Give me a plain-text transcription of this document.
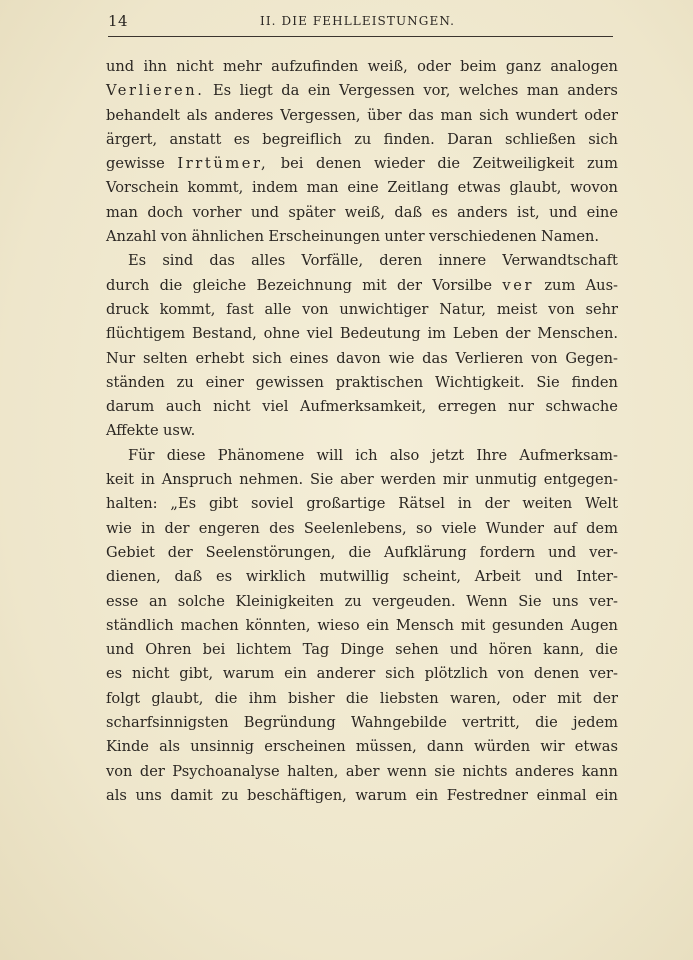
14	II. DIE FEHLLEISTUNGEN.
und ihn nicht mehr aufzufinden weiß, oder beim ganz analogen
Verlieren. Es liegt da ein Vergessen vor, welches man anders
behandelt als anderes Vergessen, über das man sich wundert oder
ärgert, anstatt es begreiflich zu finden. Daran schließen sich
gewisse Irrtümer, bei denen wieder die Zeitweiligkeit zum
Vorschein kommt, indem man eine Zeitlang etwas glaubt, wovon
man doch vorher und später weiß, daß es anders ist, und eine
Anzahl von ähnlichen Erscheinungen unter verschiedenen Namen.
Es sind das alles Vorfälle, deren innere Verwandtschaft
durch die gleiche Bezeichnung mit der Vorsilbe ver zum Aus-
druck kommt, fast alle von unwichtiger Natur, meist von sehr
flüchtigem Bestand, ohne viel Bedeutung im Leben der Menschen.
Nur selten erhebt sich eines davon wie das Verlieren von Gegen-
ständen zu einer gewissen praktischen Wichtigkeit. Sie finden
darum auch nicht viel Aufmerksamkeit, erregen nur schwache
Affekte usw.
Für diese Phänomene will ich also jetzt Ihre Aufmerksam-
keit in Anspruch nehmen. Sie aber werden mir unmutig entgegen-
halten: „Es gibt soviel großartige Rätsel in der weiten Welt
wie in der engeren des Seelenlebens, so viele Wunder auf dem
Gebiet der Seelenstörungen, die Aufklärung fordern und ver-
dienen, daß es wirklich mutwillig scheint, Arbeit und Inter-
esse an solche Kleinigkeiten zu vergeuden. Wenn Sie uns ver-
ständlich machen könnten, wieso ein Mensch mit gesunden Augen
und Ohren bei lichtem Tag Dinge sehen und hören kann, die
es nicht gibt, warum ein anderer sich plötzlich von denen ver-
folgt glaubt, die ihm bisher die liebsten waren, oder mit der
scharfsinnigsten Begründung Wahngebilde vertritt, die jedem
Kinde als unsinnig erscheinen müssen, dann würden wir etwas
von der Psychoanalyse halten, aber wenn sie nichts anderes kann
als uns damit zu beschäftigen, warum ein Festredner einmal ein
